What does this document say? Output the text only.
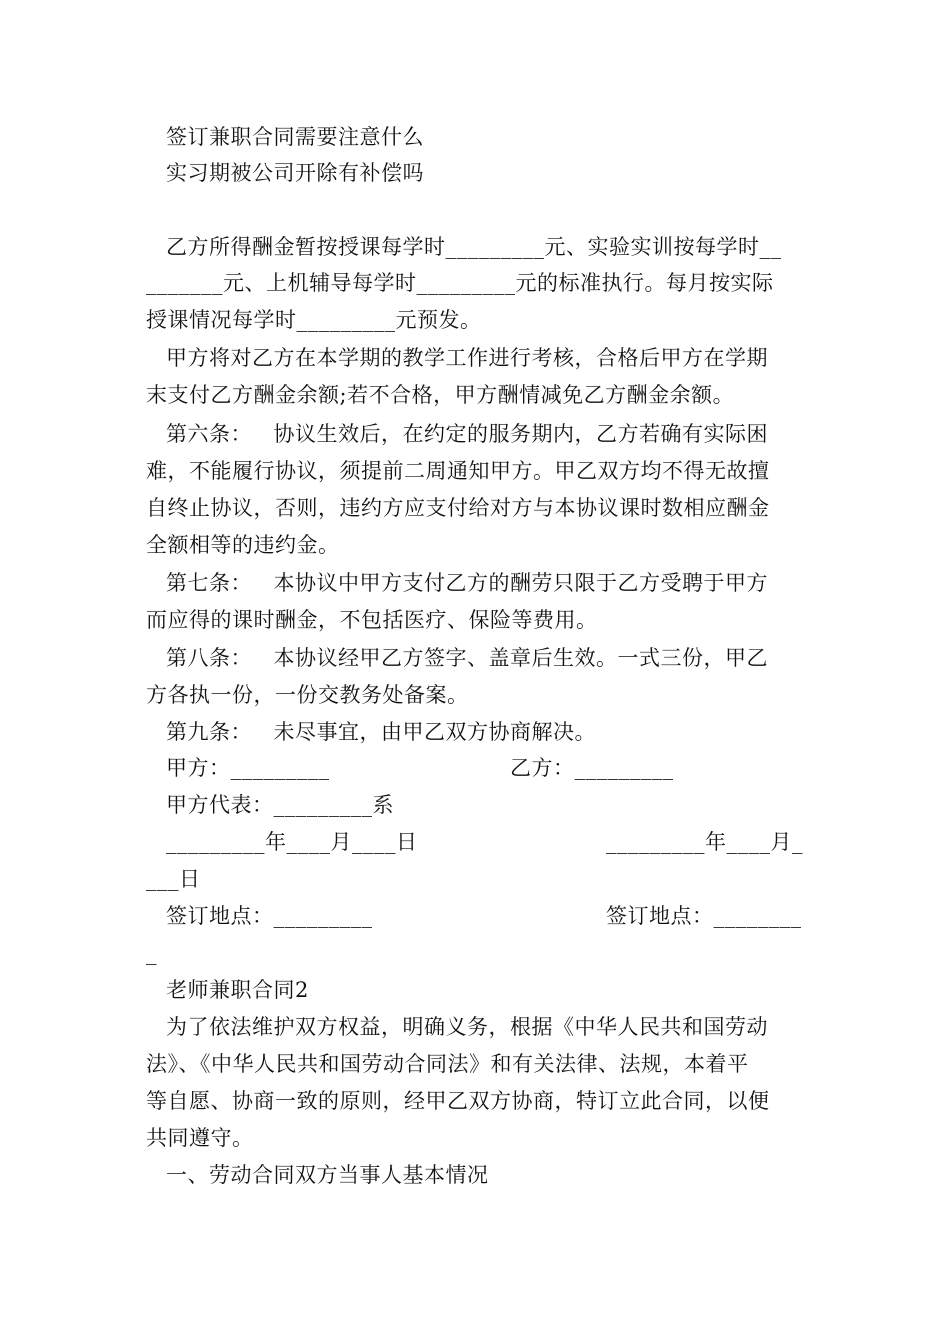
签订兼职合同需要注意什么
实习期被公司开除有补偿吗
乙方所得酬金暂按授课每学时_________元、实验实训按每学时__
_______元、上机辅导每学时_________元的标准执行。每月按实际
授课情况每学时_________元预发。
甲方将对乙方在本学期的教学工作进行考核，合格后甲方在学期
末支付乙方酬金余额;若不合格，甲方酬情减免乙方酬金余额。
第六条：   协议生效后，在约定的服务期内，乙方若确有实际困
难，不能履行协议，须提前二周通知甲方。甲乙双方均不得无故擅
自终止协议，否则，违约方应支付给对方与本协议课时数相应酬金
全额相等的违约金。
第七条：   本协议中甲方支付乙方的酬劳只限于乙方受聘于甲方
而应得的课时酬金，不包括医疗、保险等费用。
第八条：   本协议经甲乙方签字、盖章后生效。一式三份，甲乙
方各执一份，一份交教务处备案。
第九条：   未尽事宜，由甲乙双方协商解决。
甲方：_________	乙方：_________
甲方代表：_________系
_________年____月____日	_________年____月_
___日
签订地点：_________	签订地点：________
_
老师兼职合同2
为了依法维护双方权益，明确义务，根据《中华人民共和国劳动
法》、《中华人民共和国劳动合同法》和有关法律、法规，本着平
等自愿、协商一致的原则，经甲乙双方协商，特订立此合同，以便
共同遵守。
一、劳动合同双方当事人基本情况
